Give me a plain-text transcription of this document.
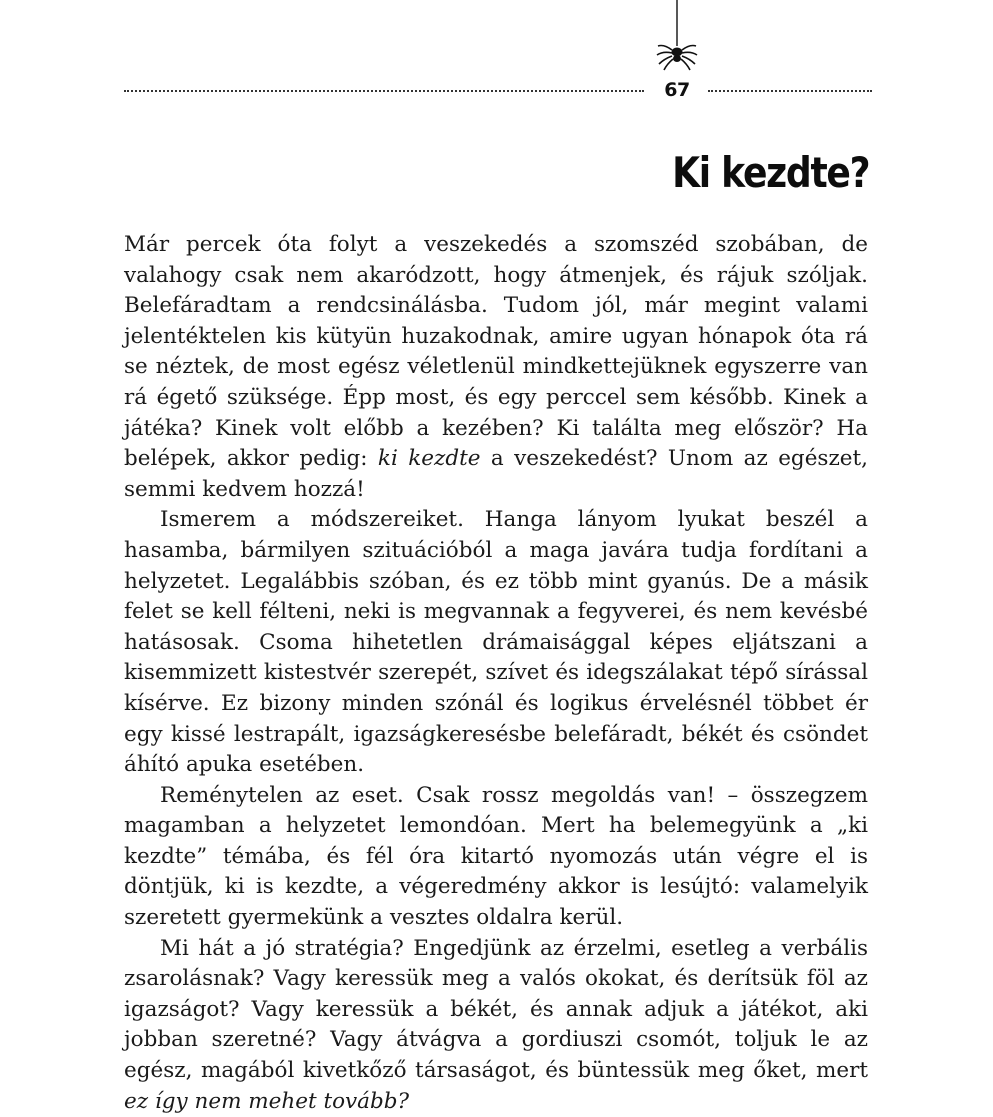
67
Ki kezdte?

Már percek óta folyt a veszekedés a szomszéd szobában, de valahogy csak nem akaródzott, hogy átmenjek, és rájuk szóljak. Belefáradtam a rendcsinálásba. Tudom jól, már megint valami jelentéktelen kis kütyün huzakodnak, amire ugyan hónapok óta rá se néztek, de most egész véletlenül mindkettejüknek egyszerre van rá égető szüksége. Épp most, és egy perccel sem később. Kinek a játéka? Kinek volt előbb a kezében? Ki találta meg először? Ha belépek, akkor pedig: ki kezdte a veszekedést? Unom az egészet, semmi kedvem hozzá!

Ismerem a módszereiket. Hanga lányom lyukat beszél a hasamba, bármilyen szituációból a maga javára tudja fordítani a helyzetet. Legalábbis szóban, és ez több mint gyanús. De a másik felet se kell félteni, neki is megvannak a fegyverei, és nem kevésbé hatásosak. Csoma hihetetlen drámaisággal képes eljátszani a kisemmizett kistestvér szerepét, szívet és idegszálakat tépő sírással kísérve. Ez bizony minden szónál és logikus érvelésnél többet ér egy kissé lestrapált, igazságkeresésbe belefáradt, békét és csöndet áhító apuka esetében.

Reménytelen az eset. Csak rossz megoldás van! – összegzem magamban a helyzetet lemondóan. Mert ha belemegyünk a „ki kezdte” témába, és fél óra kitartó nyomozás után végre el is döntjük, ki is kezdte, a végeredmény akkor is lesújtó: valamelyik szeretett gyermekünk a vesztes oldalra kerül.

Mi hát a jó stratégia? Engedjünk az érzelmi, esetleg a verbális zsarolásnak? Vagy keressük meg a valós okokat, és derítsük föl az igazságot? Vagy keressük a békét, és annak adjuk a játékot, aki jobban szeretné? Vagy átvágva a gordiuszi csomót, toljuk le az egész, magából kivetkőző társaságot, és büntessük meg őket, mert ez így nem mehet tovább?
